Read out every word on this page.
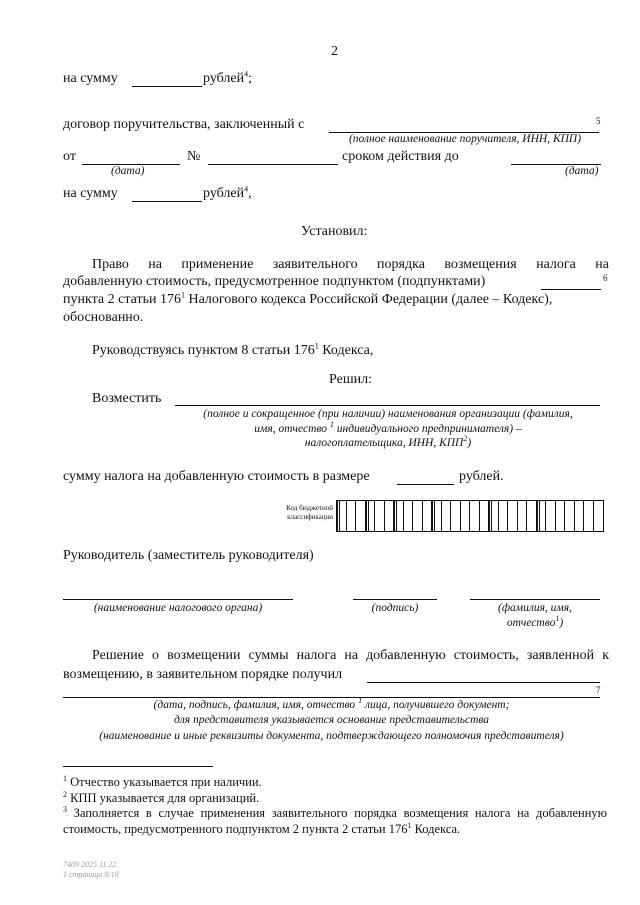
2
на сумму	рублей$^4$;
договор поручительства, заключенный с	5
(полное наименование поручителя, ИНН, КПП)
от	№	сроком действия до
(дата)	(дата)
на сумму	рублей$^4$,
Установил:
Право на применение заявительного порядка возмещения налога на
добавленную стоимость, предусмотренное подпунктом (подпунктами)	6
пункта 2 статьи $176^1$ Налогового кодекса Российской Федерации (далее – Кодекс),
обоснованно.
Руководствуясь пунктом 8 статьи $176^1$ Кодекса,
Решил:
Возместить
(полное и сокращенное (при наличии) наименования организации (фамилия,
имя, отчество $^1$ индивидуального предпринимателя) –
налогоплательщика, ИНН, КПП$^2$)
сумму налога на добавленную стоимость в размере	рублей.
Код бюджетной
классификации
Руководитель (заместитель руководителя)
(наименование налогового органа)	(подпись)	(фамилия, имя,
отчество$^1$)
Решение о возмещении суммы налога на добавленную стоимость, заявленной к
возмещению, в заявительном порядке получил
7
(дата, подпись, фамилия, имя, отчество $^1$ лица, получившего документ;
для представителя указывается основание представительства
(наименование и иные реквизиты документа, подтверждающего полномочия представителя)
$^1$ Отчество указывается при наличии.
$^2$ КПП указывается для организаций.
$^3$ Заполняется в случае применения заявительного порядка возмещения налога на добавленную
стоимость, предусмотренного подпунктом 2 пункта 2 статьи $176^1$ Кодекса.
7409 2025 11 22
1 страница 8/10
